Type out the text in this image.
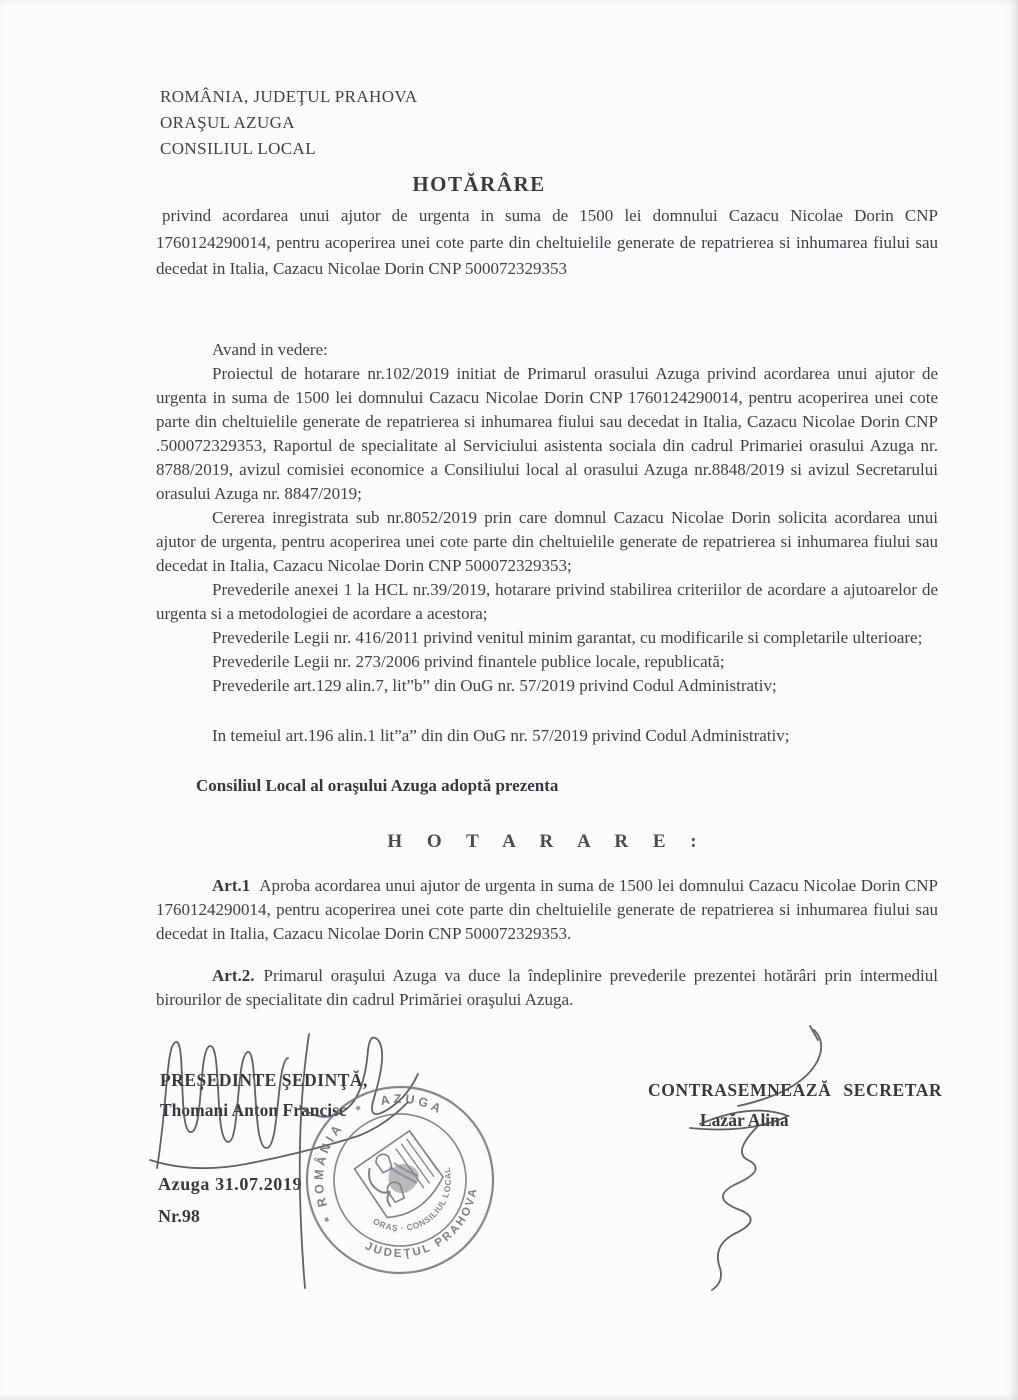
ROMÂNIA, JUDEŢUL PRAHOVA
ORAŞUL AZUGA
CONSILIUL LOCAL
HOTĂRÂRE
privind acordarea unui ajutor de urgenta in suma de 1500 lei domnului Cazacu Nicolae Dorin CNP 1760124290014, pentru acoperirea unei cote parte din cheltuielile generate de repatrierea si inhumarea fiului sau decedat in Italia, Cazacu Nicolae Dorin CNP 500072329353

Avand in vedere:

Proiectul de hotarare nr.102/2019 initiat de Primarul orasului Azuga privind acordarea unui ajutor de urgenta in suma de 1500 lei domnului Cazacu Nicolae Dorin CNP 1760124290014, pentru acoperirea unei cote parte din cheltuielile generate de repatrierea si inhumarea fiului sau decedat in Italia, Cazacu Nicolae Dorin CNP .500072329353, Raportul de specialitate al Serviciului asistenta sociala din cadrul Primariei orasului Azuga nr. 8788/2019, avizul comisiei economice a Consiliului local al orasului Azuga nr.8848/2019 si avizul Secretarului orasului Azuga nr. 8847/2019;

Cererea inregistrata sub nr.8052/2019 prin care domnul Cazacu Nicolae Dorin solicita acordarea unui ajutor de urgenta, pentru acoperirea unei cote parte din cheltuielile generate de repatrierea si inhumarea fiului sau decedat in Italia, Cazacu Nicolae Dorin CNP 500072329353;

Prevederile anexei 1 la HCL nr.39/2019, hotarare privind stabilirea criteriilor de acordare a ajutoarelor de urgenta si a metodologiei de acordare a acestora;

Prevederile Legii nr. 416/2011 privind venitul minim garantat, cu modificarile si completarile ulterioare;

Prevederile Legii nr. 273/2006 privind finantele publice locale, republicată;

Prevederile art.129 alin.7, lit”b” din OuG nr. 57/2019 privind Codul Administrativ;

In temeiul art.196 alin.1 lit”a” din din OuG nr. 57/2019 privind Codul Administrativ;

Consiliul Local al oraşului Azuga adoptă prezenta

H O T A R A R E :

Art.1 Aproba acordarea unui ajutor de urgenta in suma de 1500 lei domnului Cazacu Nicolae Dorin CNP 1760124290014, pentru acoperirea unei cote parte din cheltuielile generate de repatrierea si inhumarea fiului sau decedat in Italia, Cazacu Nicolae Dorin CNP 500072329353.

Art.2. Primarul oraşului Azuga va duce la îndeplinire prevederile prezentei hotărâri prin intermediul birourilor de specialitate din cadrul Primăriei oraşului Azuga.

PREŞEDINTE ŞEDINŢĂ,
Thomani Anton Francisc
Azuga 31.07.2019
Nr.98
CONTRASEMNEAZĂ SECRETAR
Lazăr Alina
*
ROMÂNIA
*
AZUGA
JUDEŢUL PRAHOVA
ORAŞ · CONSILIUL LOCAL
